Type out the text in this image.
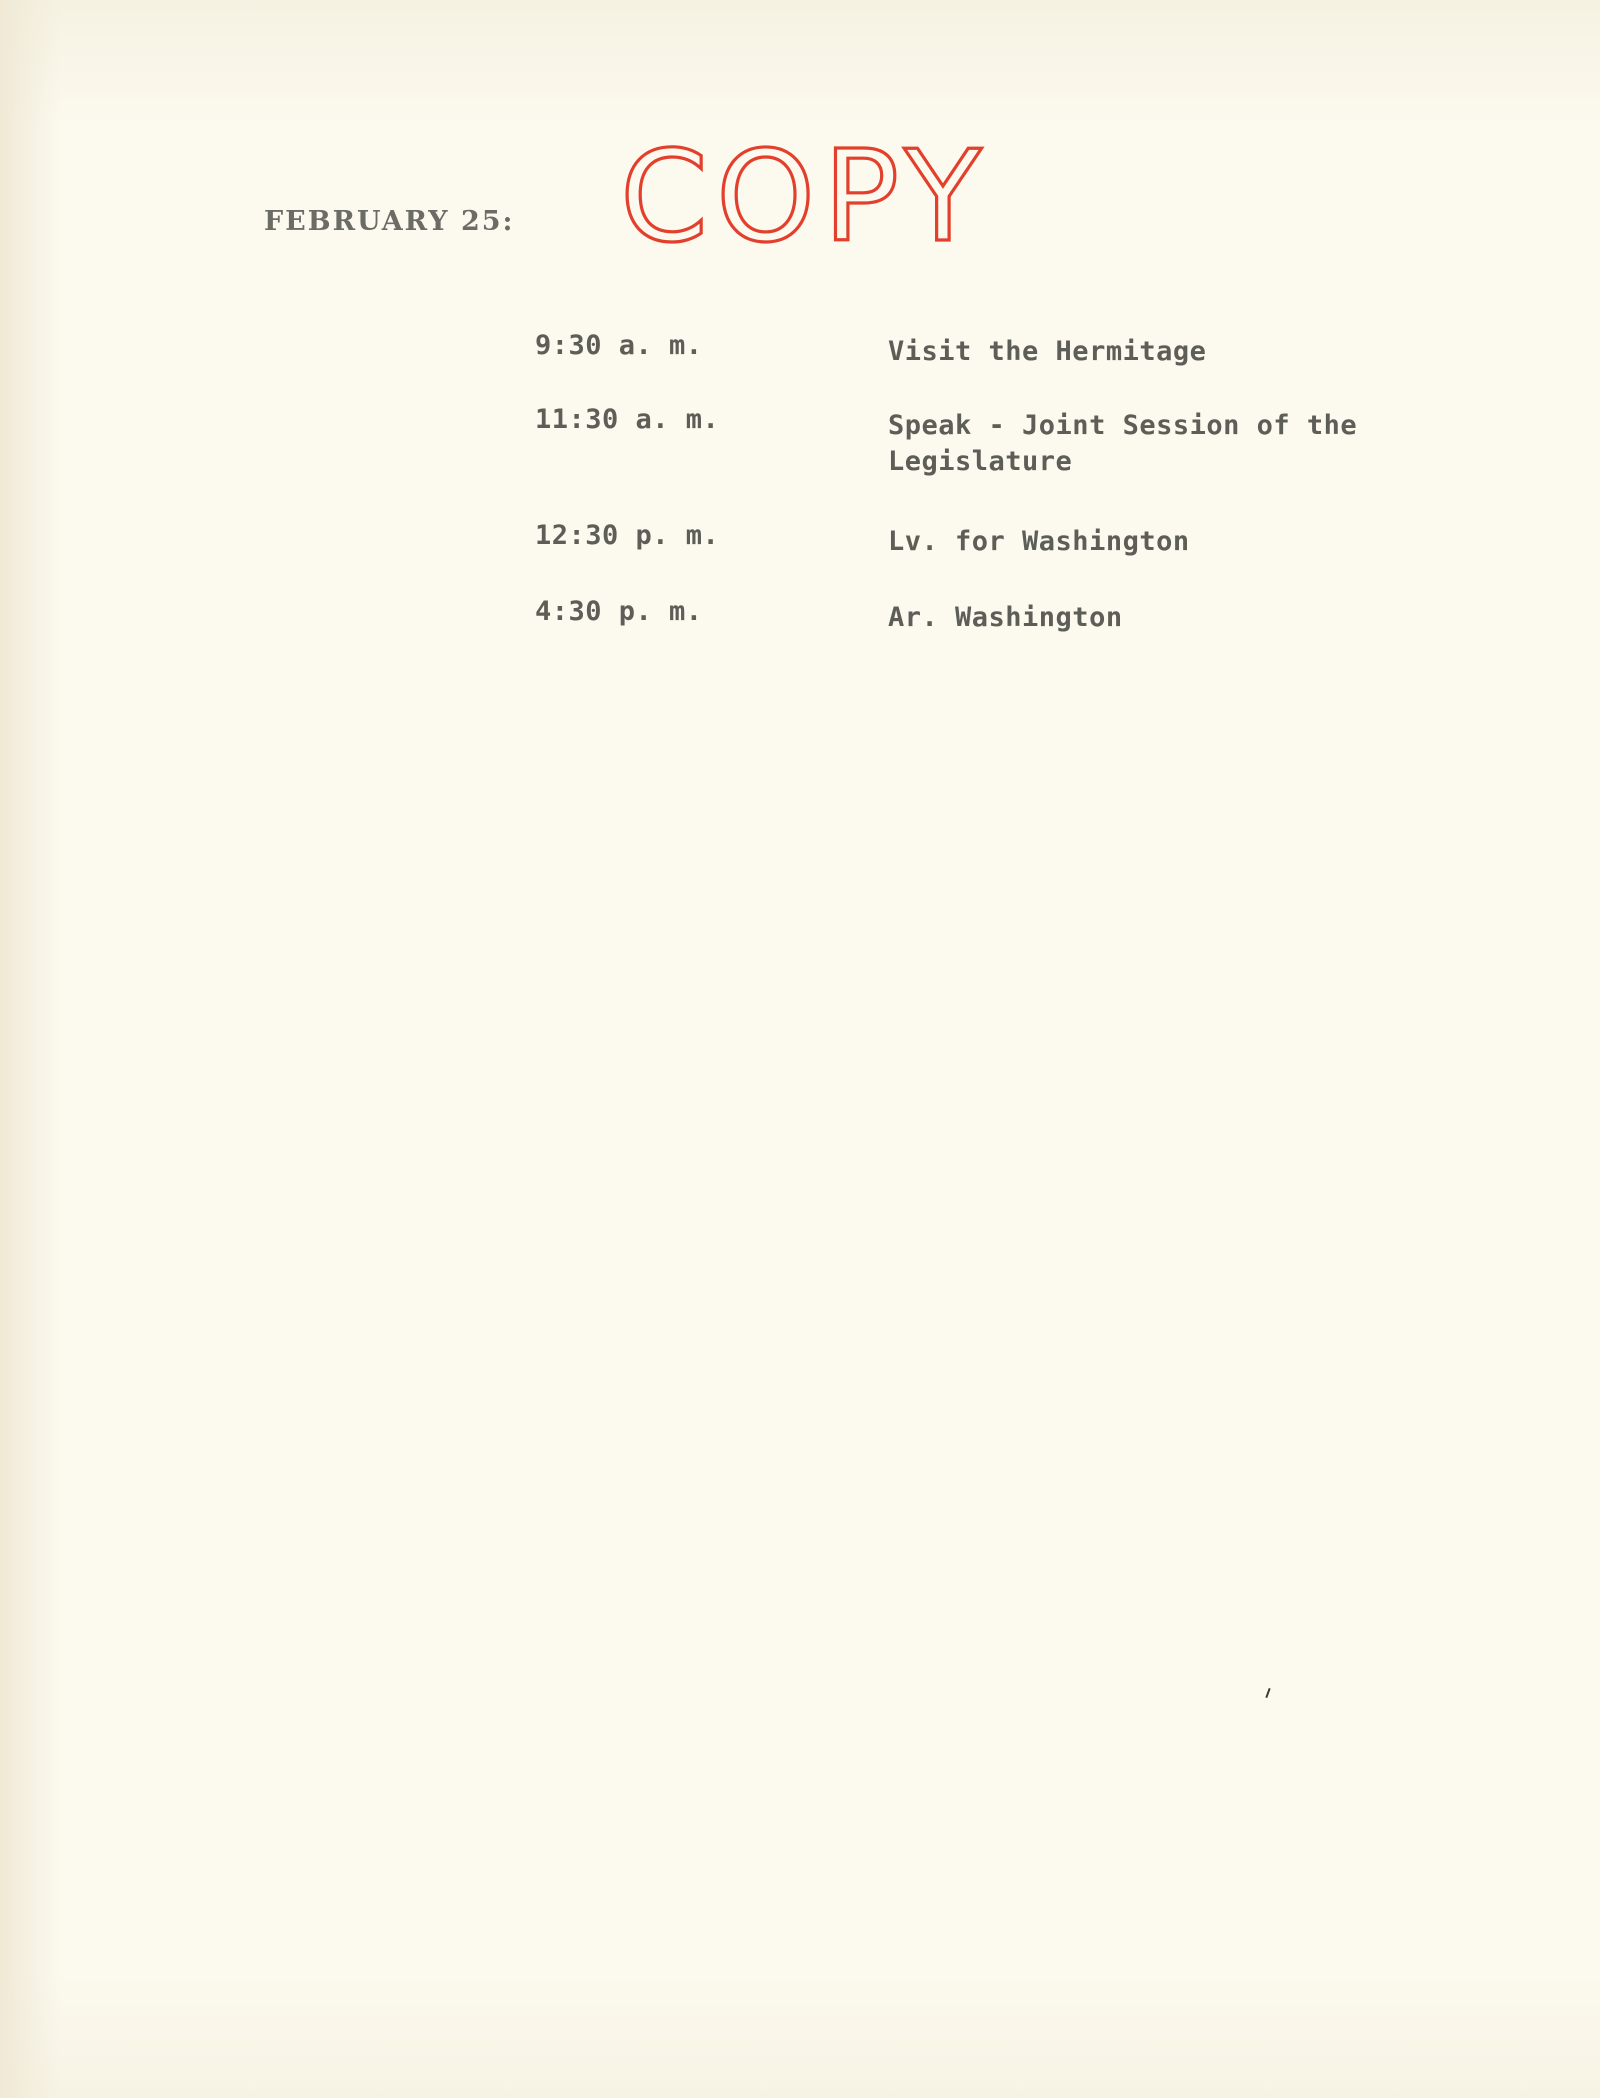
COPY
FEBRUARY 25:
9:30 a. m.	Visit the Hermitage
11:30 a. m.	Speak - Joint Session of the Legislature
12:30 p. m.	Lv. for Washington
4:30 p. m.	Ar. Washington
